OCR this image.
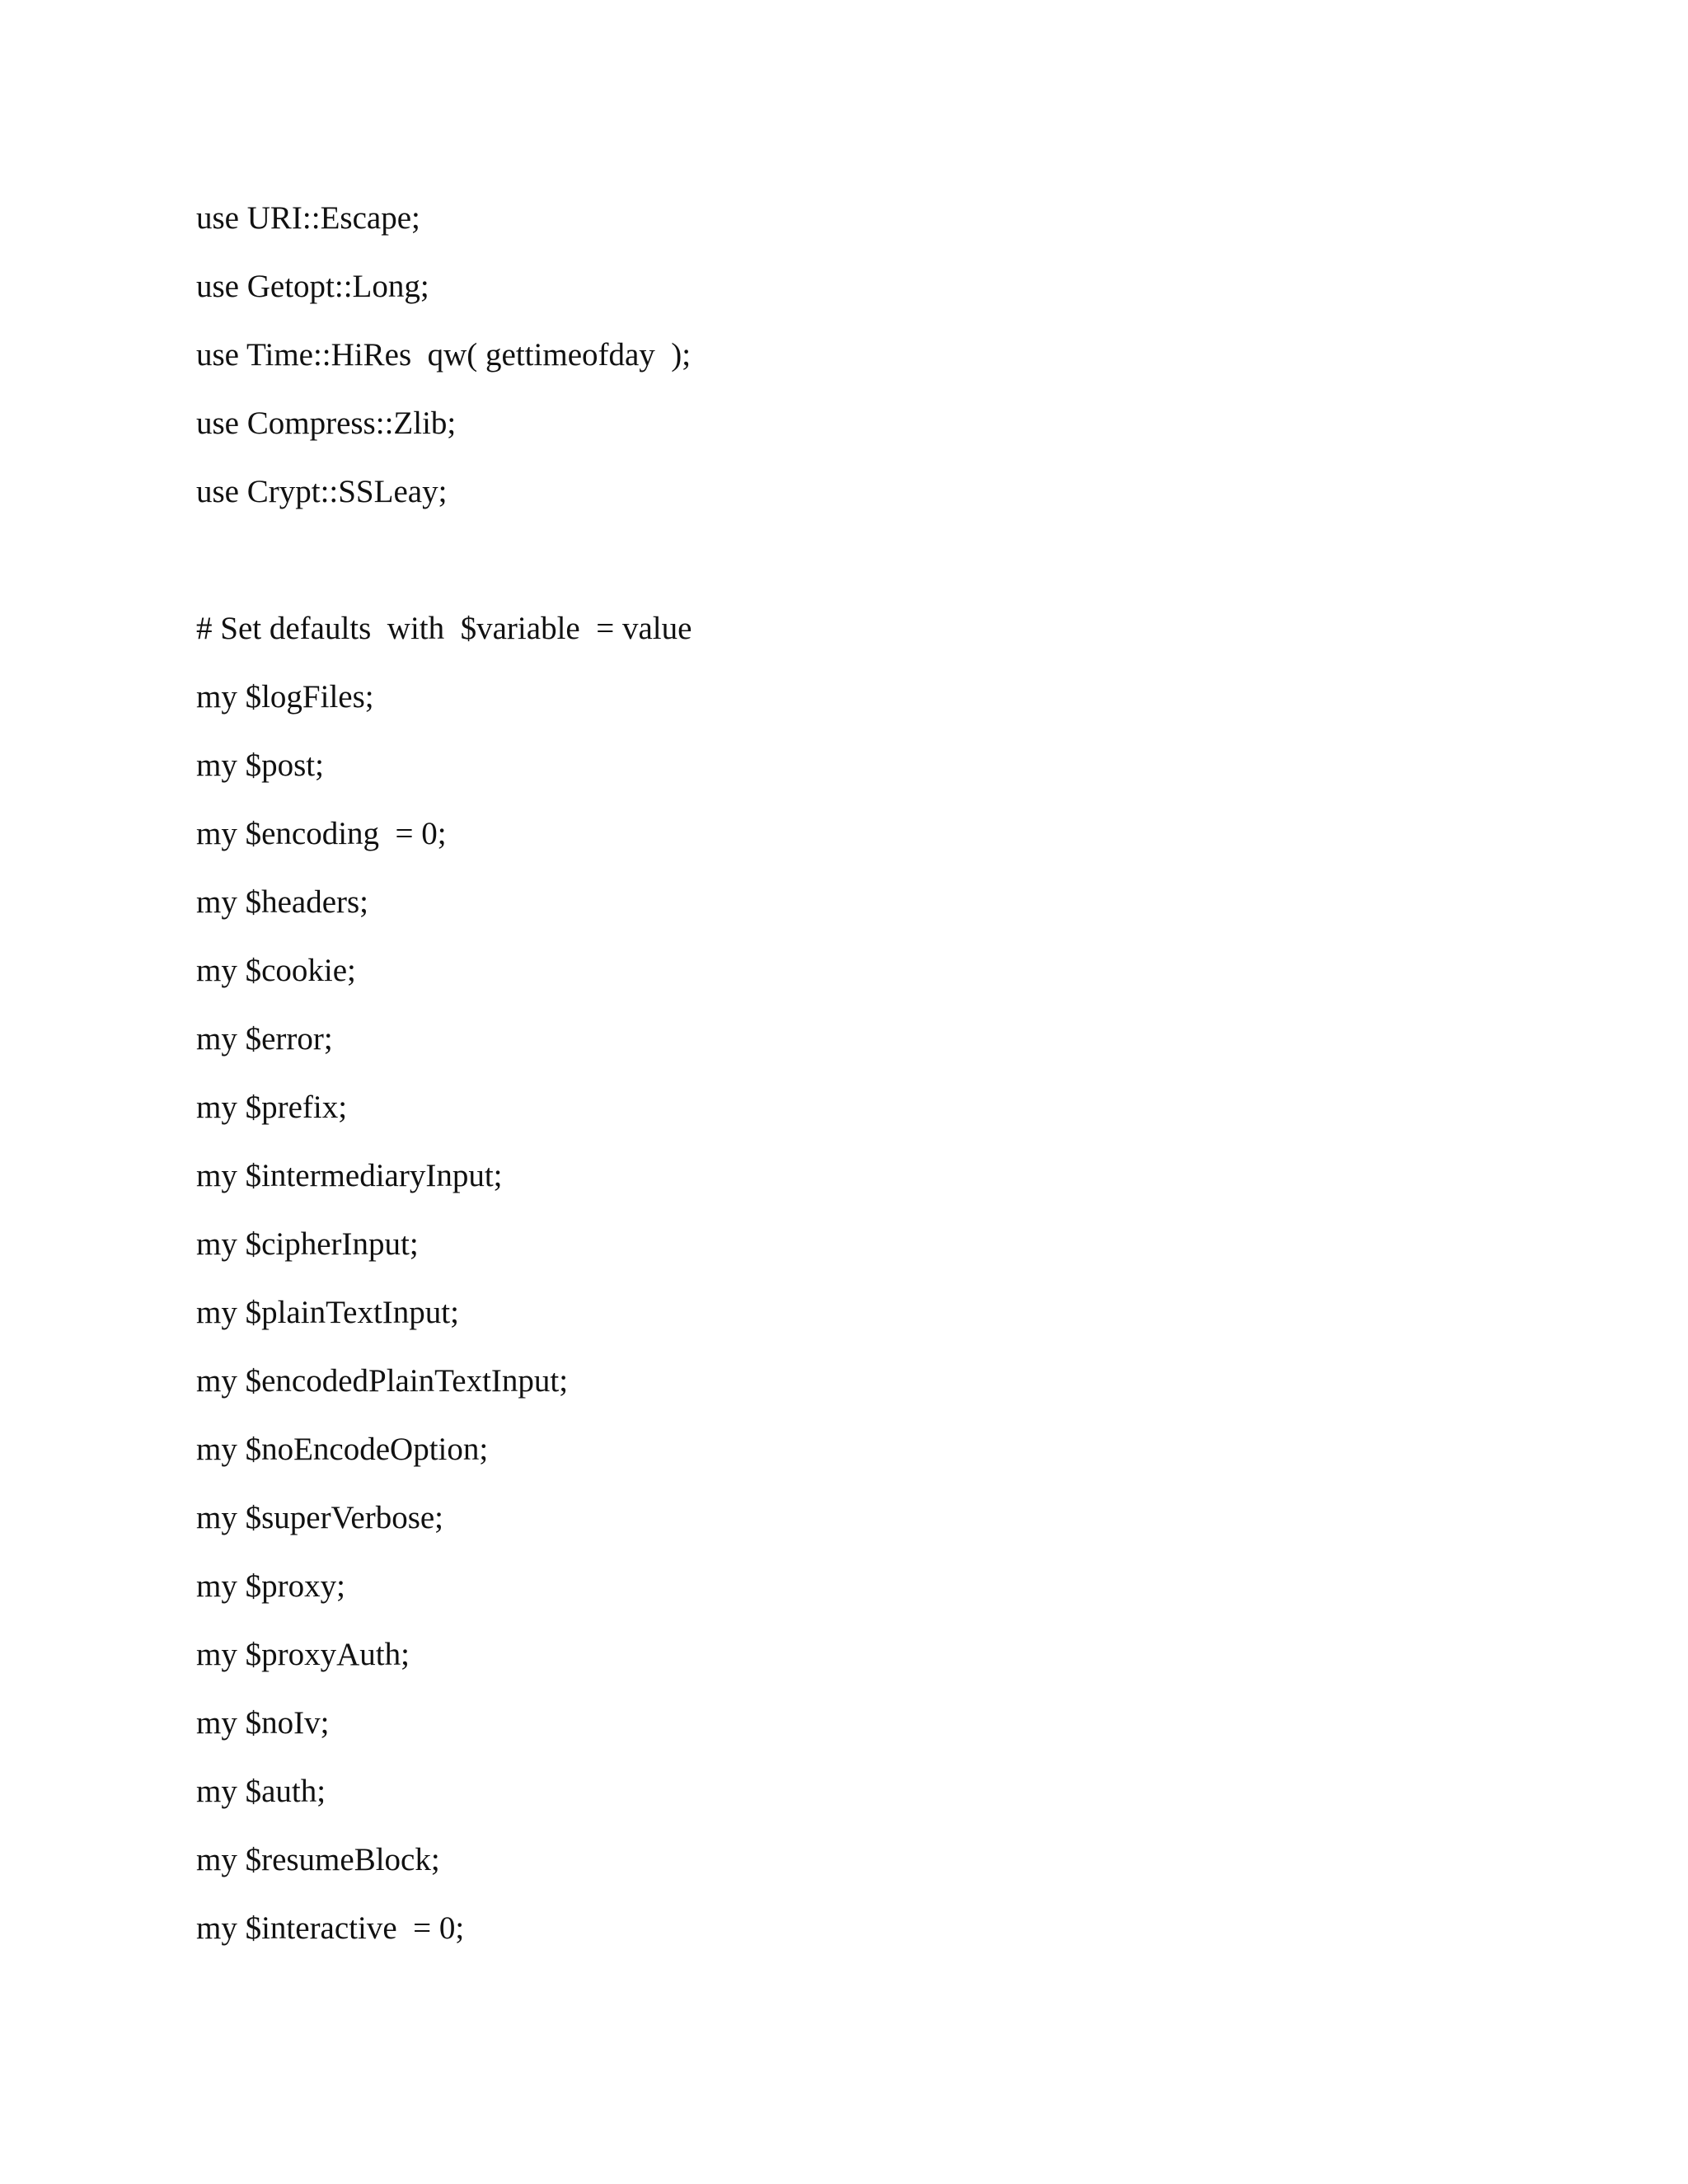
use URI::Escape;
use Getopt::Long;
use Time::HiRes  qw( gettimeofday  );
use Compress::Zlib;
use Crypt::SSLeay;
# Set defaults  with  $variable  = value
my $logFiles;
my $post;
my $encoding  = 0;
my $headers;
my $cookie;
my $error;
my $prefix;
my $intermediaryInput;
my $cipherInput;
my $plainTextInput;
my $encodedPlainTextInput;
my $noEncodeOption;
my $superVerbose;
my $proxy;
my $proxyAuth;
my $noIv;
my $auth;
my $resumeBlock;
my $interactive  = 0;
